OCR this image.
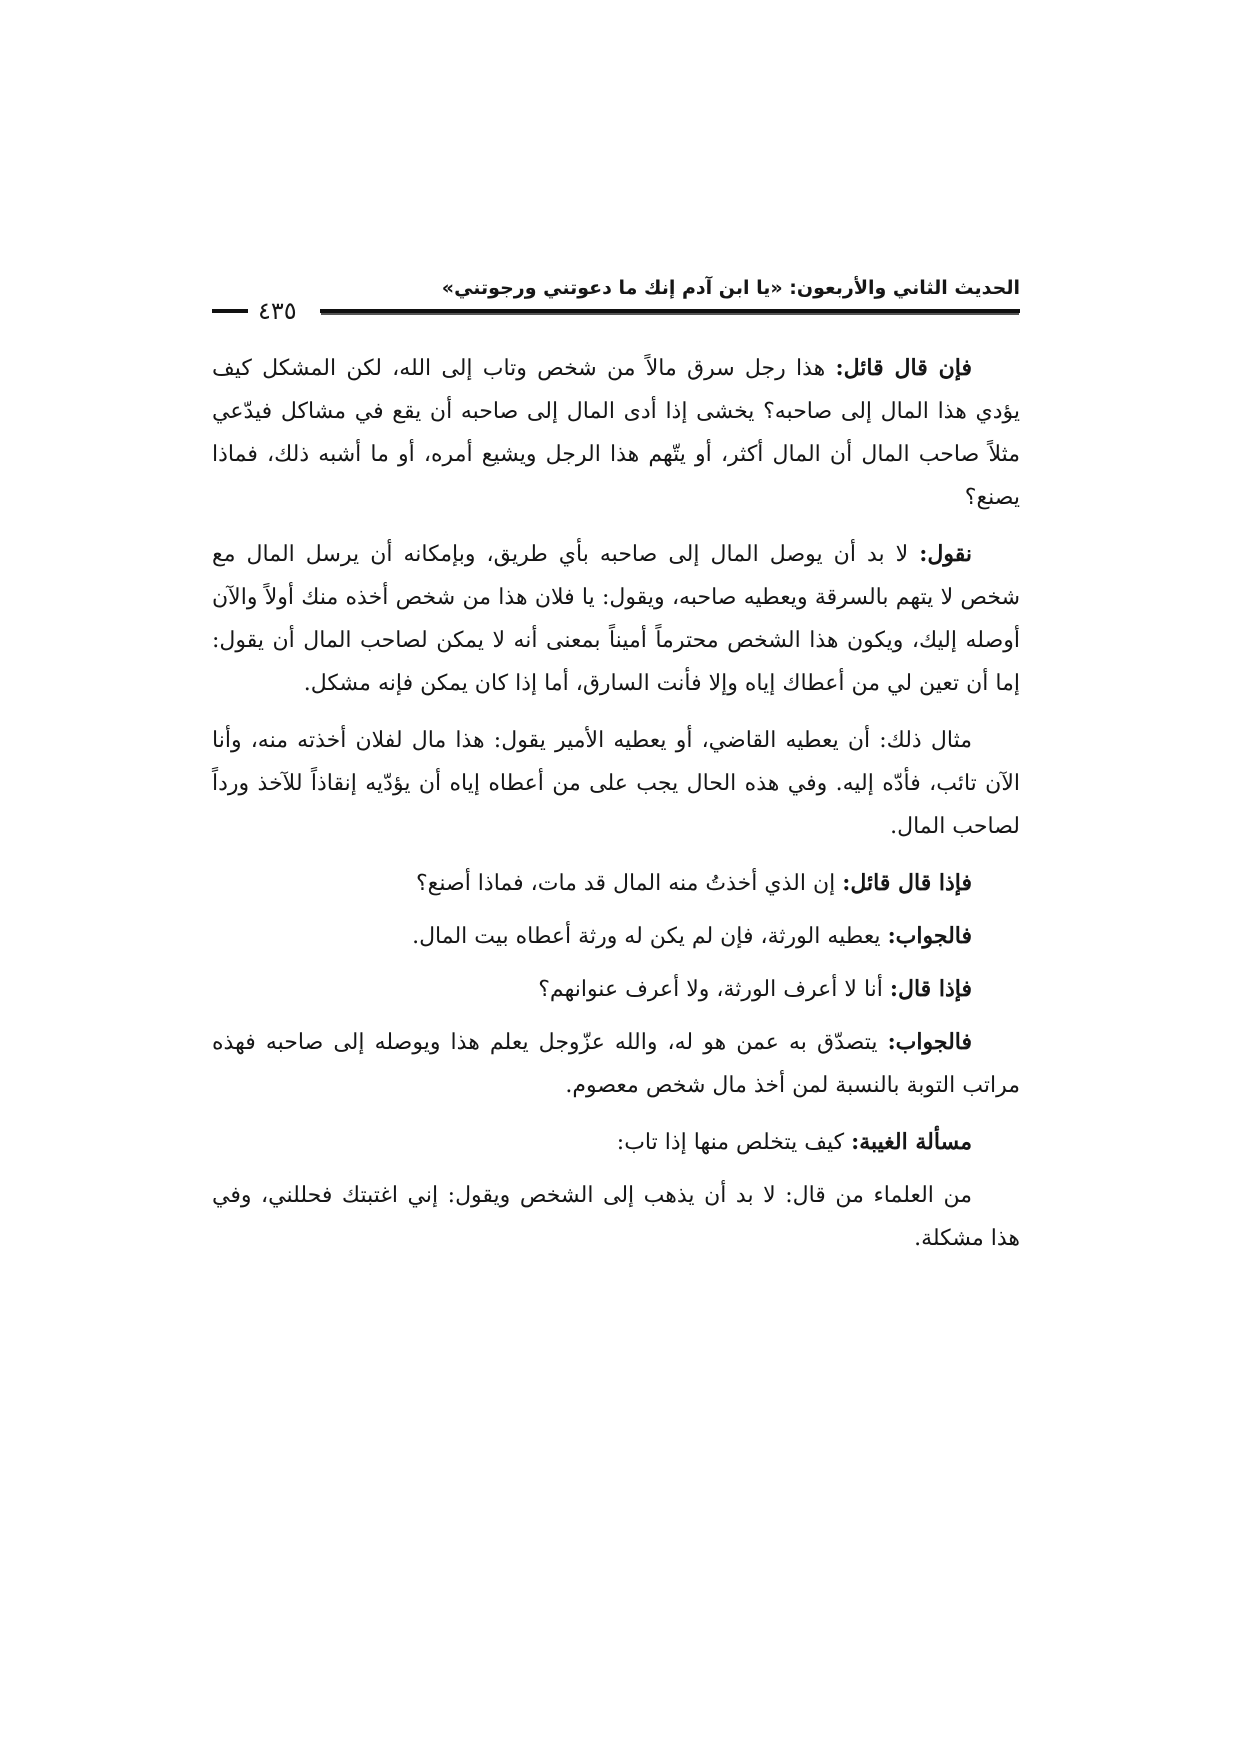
الحديث الثاني والأربعون: «يا ابن آدم إنك ما دعوتني ورجوتني»
٤٣٥

فإن قال قائل: هذا رجل سرق مالاً من شخص وتاب إلى الله، لكن المشكل كيف يؤدي هذا المال إلى صاحبه؟ يخشى إذا أدى المال إلى صاحبه أن يقع في مشاكل فيدّعي مثلاً صاحب المال أن المال أكثر، أو يتّهم هذا الرجل ويشيع أمره، أو ما أشبه ذلك، فماذا يصنع؟

نقول: لا بد أن يوصل المال إلى صاحبه بأي طريق، وبإمكانه أن يرسل المال مع شخص لا يتهم بالسرقة ويعطيه صاحبه، ويقول: يا فلان هذا من شخص أخذه منك أولاً والآن أوصله إليك، ويكون هذا الشخص محترماً أميناً بمعنى أنه لا يمكن لصاحب المال أن يقول: إما أن تعين لي من أعطاك إياه وإلا فأنت السارق، أما إذا كان يمكن فإنه مشكل.

مثال ذلك: أن يعطيه القاضي، أو يعطيه الأمير يقول: هذا مال لفلان أخذته منه، وأنا الآن تائب، فأدّه إليه. وفي هذه الحال يجب على من أعطاه إياه أن يؤدّيه إنقاذاً للآخذ ورداً لصاحب المال.

فإذا قال قائل: إن الذي أخذتُ منه المال قد مات، فماذا أصنع؟

فالجواب: يعطيه الورثة، فإن لم يكن له ورثة أعطاه بيت المال.

فإذا قال: أنا لا أعرف الورثة، ولا أعرف عنوانهم؟

فالجواب: يتصدّق به عمن هو له، والله عزّوجل يعلم هذا ويوصله إلى صاحبه فهذه مراتب التوبة بالنسبة لمن أخذ مال شخص معصوم.

مسألة الغيبة: كيف يتخلص منها إذا تاب:

من العلماء من قال: لا بد أن يذهب إلى الشخص ويقول: إني اغتبتك فحللني، وفي هذا مشكلة.
